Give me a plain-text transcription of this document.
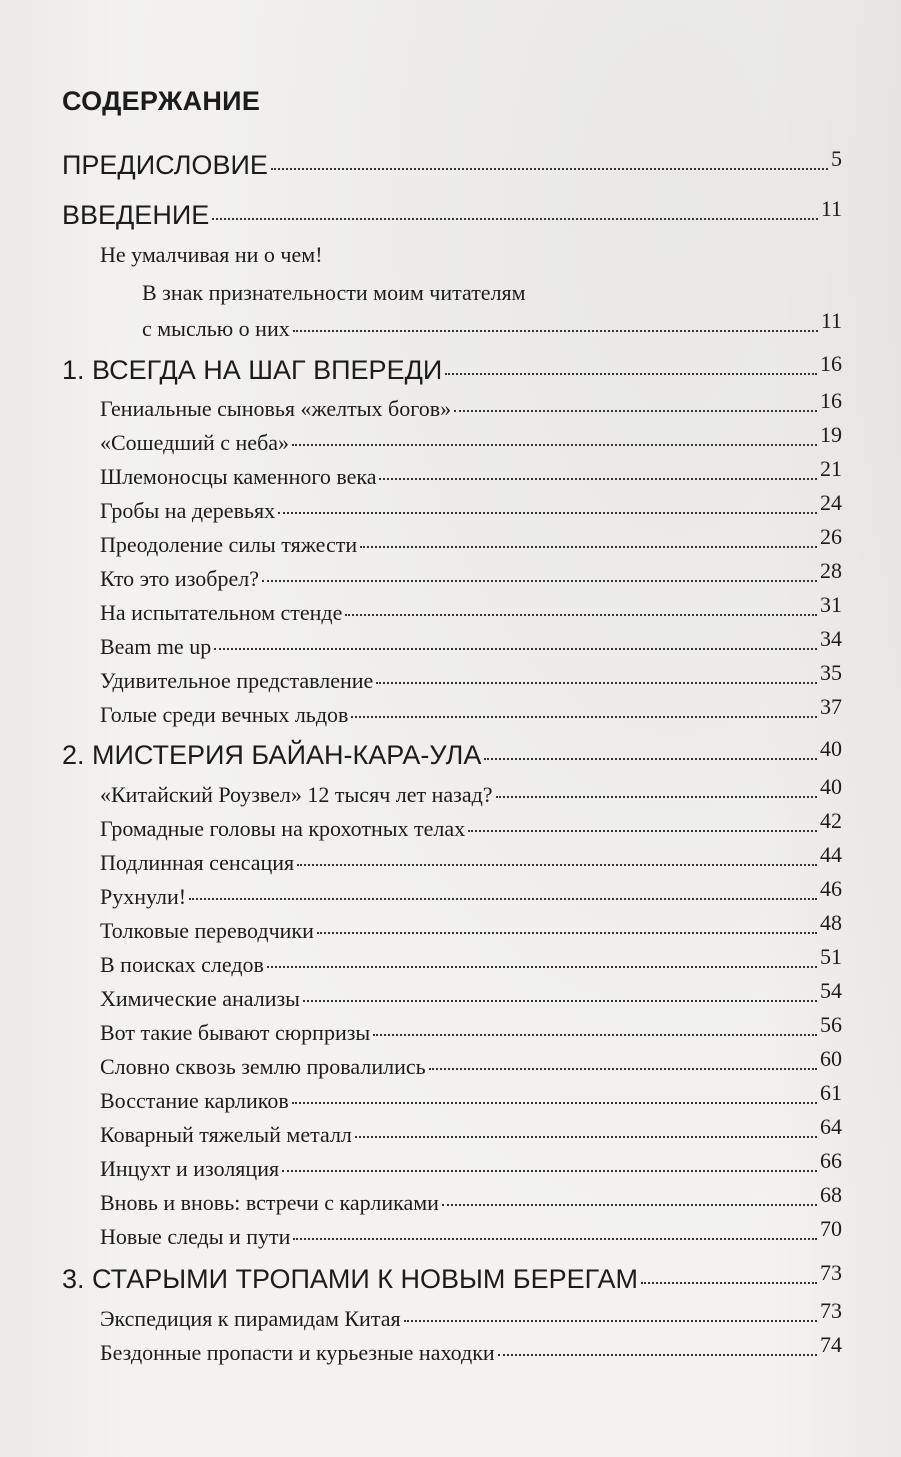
СОДЕРЖАНИЕ
ПРЕДИСЛОВИЕ	5
ВВЕДЕНИЕ	11
Не умалчивая ни о чем!
В знак признательности моим читателям
с мыслью о них	11
1. ВСЕГДА НА ШАГ ВПЕРЕДИ	16
Гениальные сыновья «желтых богов»	16
«Сошедший с неба»	19
Шлемоносцы каменного века	21
Гробы на деревьях	24
Преодоление силы тяжести	26
Кто это изобрел?	28
На испытательном стенде	31
Beam me up	34
Удивительное представление	35
Голые среди вечных льдов	37
2. МИСТЕРИЯ БАЙАН-КАРА-УЛА	40
«Китайский Роузвел» 12 тысяч лет назад?	40
Громадные головы на крохотных телах	42
Подлинная сенсация	44
Рухнули!	46
Толковые переводчики	48
В поисках следов	51
Химические анализы	54
Вот такие бывают сюрпризы	56
Словно сквозь землю провалились	60
Восстание карликов	61
Коварный тяжелый металл	64
Инцухт и изоляция	66
Вновь и вновь: встречи с карликами	68
Новые следы и пути	70
3. СТАРЫМИ ТРОПАМИ К НОВЫМ БЕРЕГАМ	73
Экспедиция к пирамидам Китая	73
Бездонные пропасти и курьезные находки	74
